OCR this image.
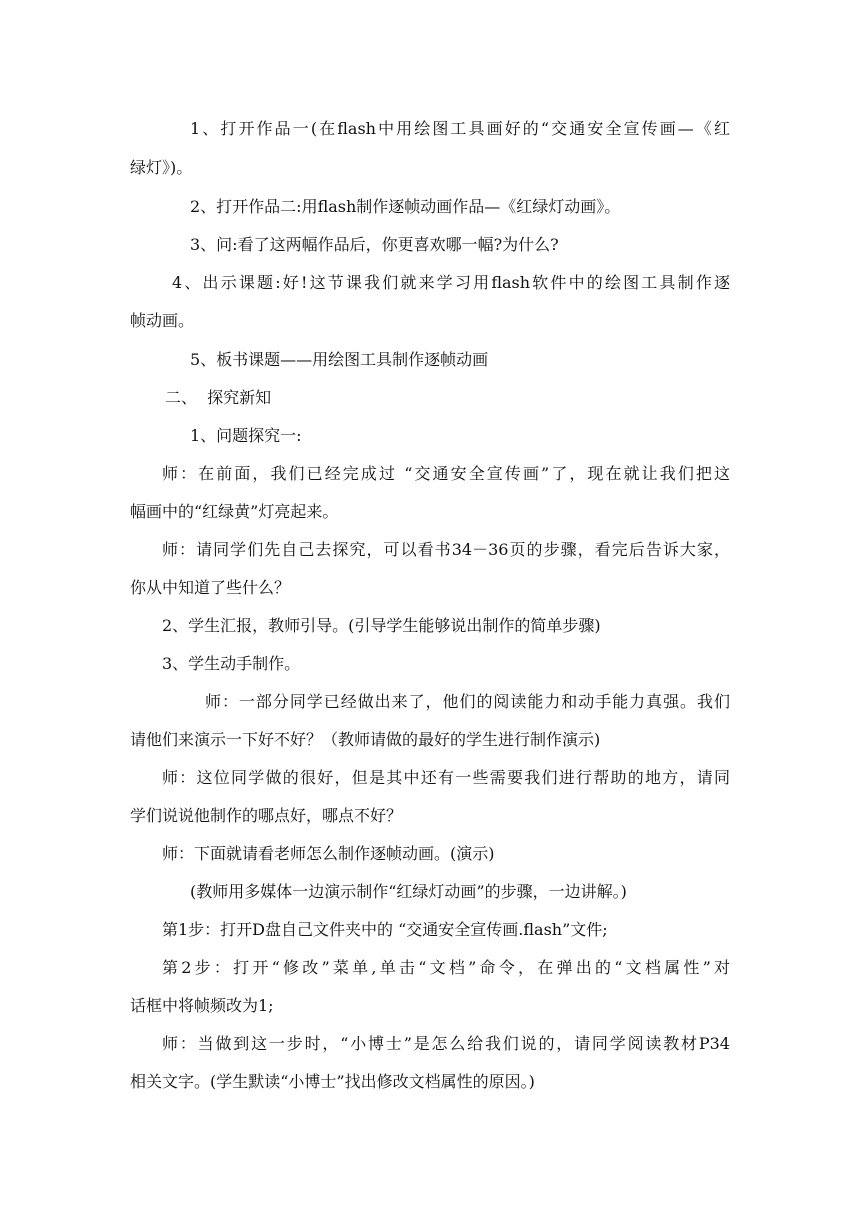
1、打开作品一(在flash中用绘图工具画好的“交通安全宣传画—《红

绿灯》)。

2、打开作品二:用flash制作逐帧动画作品—《红绿灯动画》。

3、问:看了这两幅作品后，你更喜欢哪一幅?为什么?

4、出示课题:好!这节课我们就来学习用flash软件中的绘图工具制作逐

帧动画。

5、板书课题——用绘图工具制作逐帧动画

二、  探究新知

1、问题探究一:

师：在前面，我们已经完成过 “交通安全宣传画”了，现在就让我们把这

幅画中的“红绿黄”灯亮起来。

师：请同学们先自己去探究，可以看书34－36页的步骤，看完后告诉大家，

你从中知道了些什么？

2、学生汇报，教师引导。(引导学生能够说出制作的简单步骤)

3、学生动手制作。

师：一部分同学已经做出来了，他们的阅读能力和动手能力真强。我们

请他们来演示一下好不好？（教师请做的最好的学生进行制作演示)

师：这位同学做的很好，但是其中还有一些需要我们进行帮助的地方，请同

学们说说他制作的哪点好，哪点不好？

师：下面就请看老师怎么制作逐帧动画。(演示)

(教师用多媒体一边演示制作“红绿灯动画”的步骤，一边讲解。)

第1步：打开D盘自己文件夹中的 “交通安全宣传画.flash”文件;

第2步：打开“修改”菜单,单击“文档”命令，在弹出的“文档属性”对

话框中将帧频改为1;

师：当做到这一步时，“小博士”是怎么给我们说的，请同学阅读教材P34

相关文字。(学生默读“小博士”找出修改文档属性的原因。)
